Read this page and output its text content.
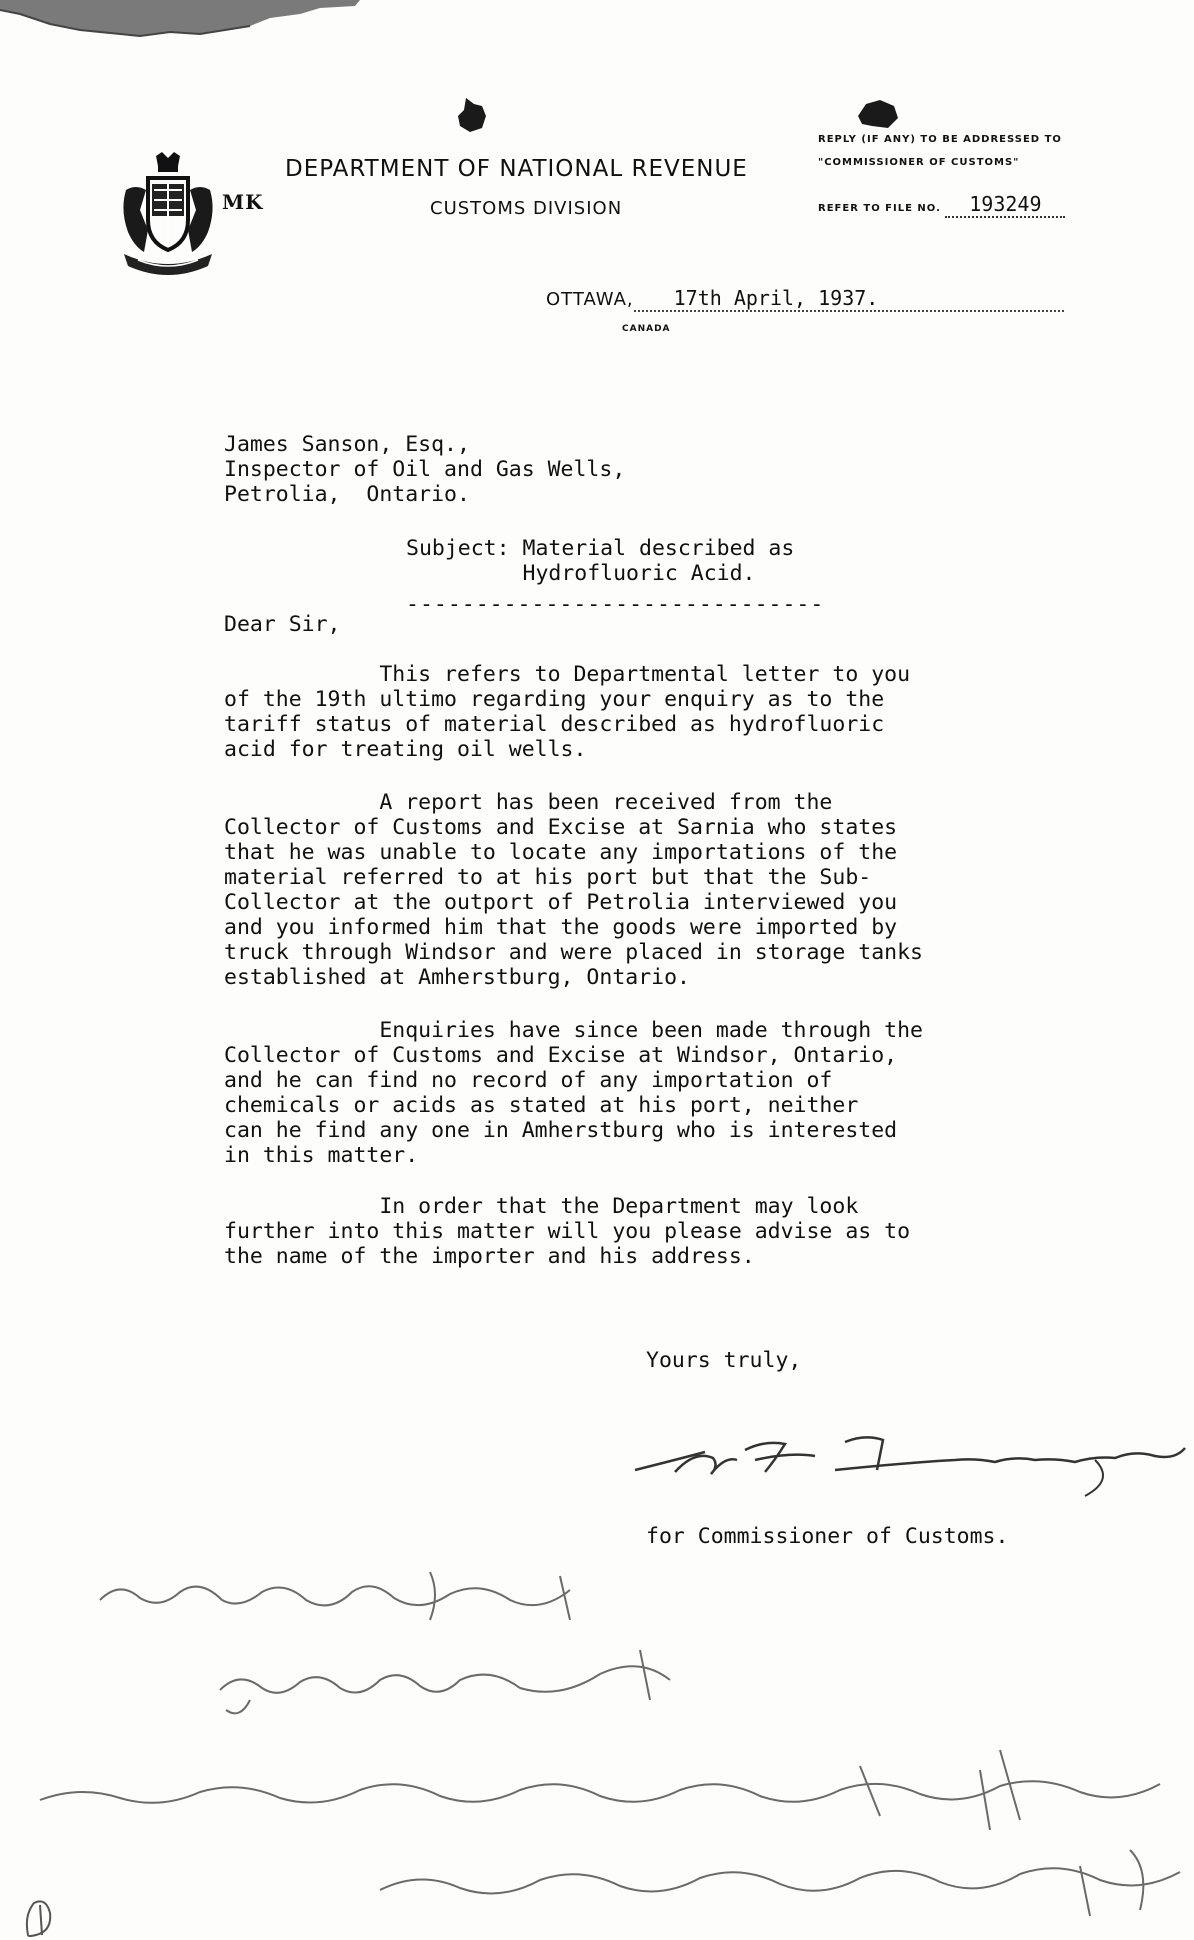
MK
DEPARTMENT OF NATIONAL REVENUE
CUSTOMS DIVISION
REPLY (IF ANY) TO BE ADDRESSED TO
"COMMISSIONER OF CUSTOMS"
REFER TO FILE NO. 193249
OTTAWA, 17th April, 1937.
CANADA
James Sanson, Esq.,
Inspector of Oil and Gas Wells,
Petrolia,  Ontario.
Subject: Material described as
Hydrofluoric Acid.
------------------------------
Dear Sir,
This refers to Departmental letter to you
of the 19th ultimo regarding your enquiry as to the
tariff status of material described as hydrofluoric
acid for treating oil wells.
A report has been received from the
Collector of Customs and Excise at Sarnia who states
that he was unable to locate any importations of the
material referred to at his port but that the Sub-
Collector at the outport of Petrolia interviewed you
and you informed him that the goods were imported by
truck through Windsor and were placed in storage tanks
established at Amherstburg, Ontario.
Enquiries have since been made through the
Collector of Customs and Excise at Windsor, Ontario,
and he can find no record of any importation of
chemicals or acids as stated at his port, neither
can he find any one in Amherstburg who is interested
in this matter.
In order that the Department may look
further into this matter will you please advise as to
the name of the importer and his address.
Yours truly,
for Commissioner of Customs.
